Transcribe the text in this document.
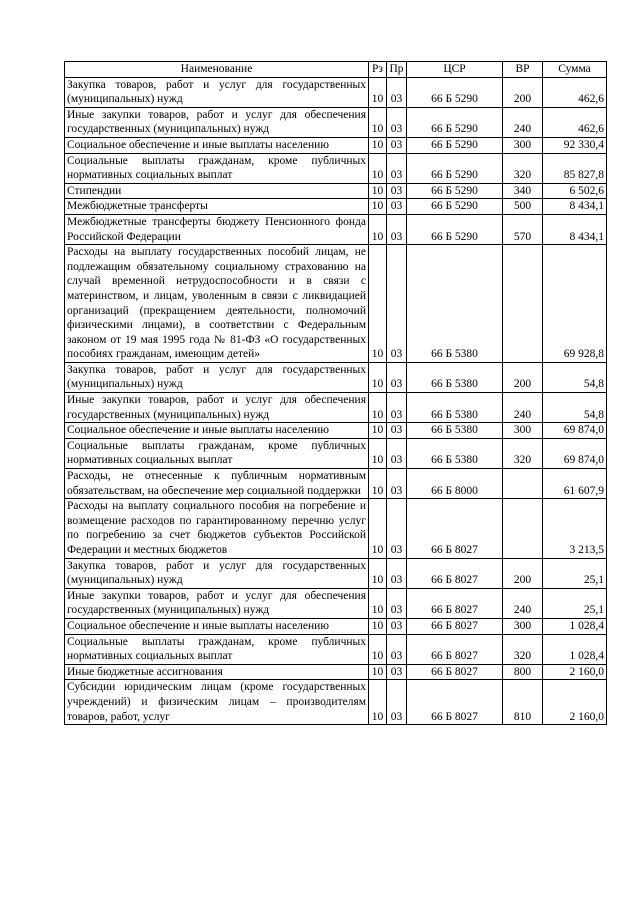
Наименование	Рз	Пр	ЦСР	ВР	Сумма
Закупка товаров, работ и услуг для государственных (муниципальных) нужд	10	03	66 Б 5290	200	462,6
Иные закупки товаров, работ и услуг для обеспечения государственных (муниципальных) нужд	10	03	66 Б 5290	240	462,6
Социальное обеспечение и иные выплаты населению	10	03	66 Б 5290	300	92 330,4
Социальные выплаты гражданам, кроме публичных нормативных социальных выплат	10	03	66 Б 5290	320	85 827,8
Стипендии	10	03	66 Б 5290	340	6 502,6
Межбюджетные трансферты	10	03	66 Б 5290	500	8 434,1
Межбюджетные трансферты бюджету Пенсионного фонда Российской Федерации	10	03	66 Б 5290	570	8 434,1
Расходы на выплату государственных пособий лицам, не подлежащим обязательному социальному страхованию на случай временной нетрудоспособности и в связи с материнством, и лицам, уволенным в связи с ликвидацией организаций (прекращением деятельности, полномочий физическими лицами), в соответствии с Федеральным законом от 19 мая 1995 года № 81-ФЗ «О государственных пособиях гражданам, имеющим детей»	10	03	66 Б 5380		69 928,8
Закупка товаров, работ и услуг для государственных (муниципальных) нужд	10	03	66 Б 5380	200	54,8
Иные закупки товаров, работ и услуг для обеспечения государственных (муниципальных) нужд	10	03	66 Б 5380	240	54,8
Социальное обеспечение и иные выплаты населению	10	03	66 Б 5380	300	69 874,0
Социальные выплаты гражданам, кроме публичных нормативных социальных выплат	10	03	66 Б 5380	320	69 874,0
Расходы, не отнесенные к публичным нормативным обязательствам, на обеспечение мер социальной поддержки	10	03	66 Б 8000		61 607,9
Расходы на выплату социального пособия на погребение и возмещение расходов по гарантированному перечню услуг по погребению за счет бюджетов субъектов Российской Федерации и местных бюджетов	10	03	66 Б 8027		3 213,5
Закупка товаров, работ и услуг для государственных (муниципальных) нужд	10	03	66 Б 8027	200	25,1
Иные закупки товаров, работ и услуг для обеспечения государственных (муниципальных) нужд	10	03	66 Б 8027	240	25,1
Социальное обеспечение и иные выплаты населению	10	03	66 Б 8027	300	1 028,4
Социальные выплаты гражданам, кроме публичных нормативных социальных выплат	10	03	66 Б 8027	320	1 028,4
Иные бюджетные ассигнования	10	03	66 Б 8027	800	2 160,0
Субсидии юридическим лицам (кроме государственных учреждений) и физическим лицам – производителям товаров, работ, услуг	10	03	66 Б 8027	810	2 160,0
